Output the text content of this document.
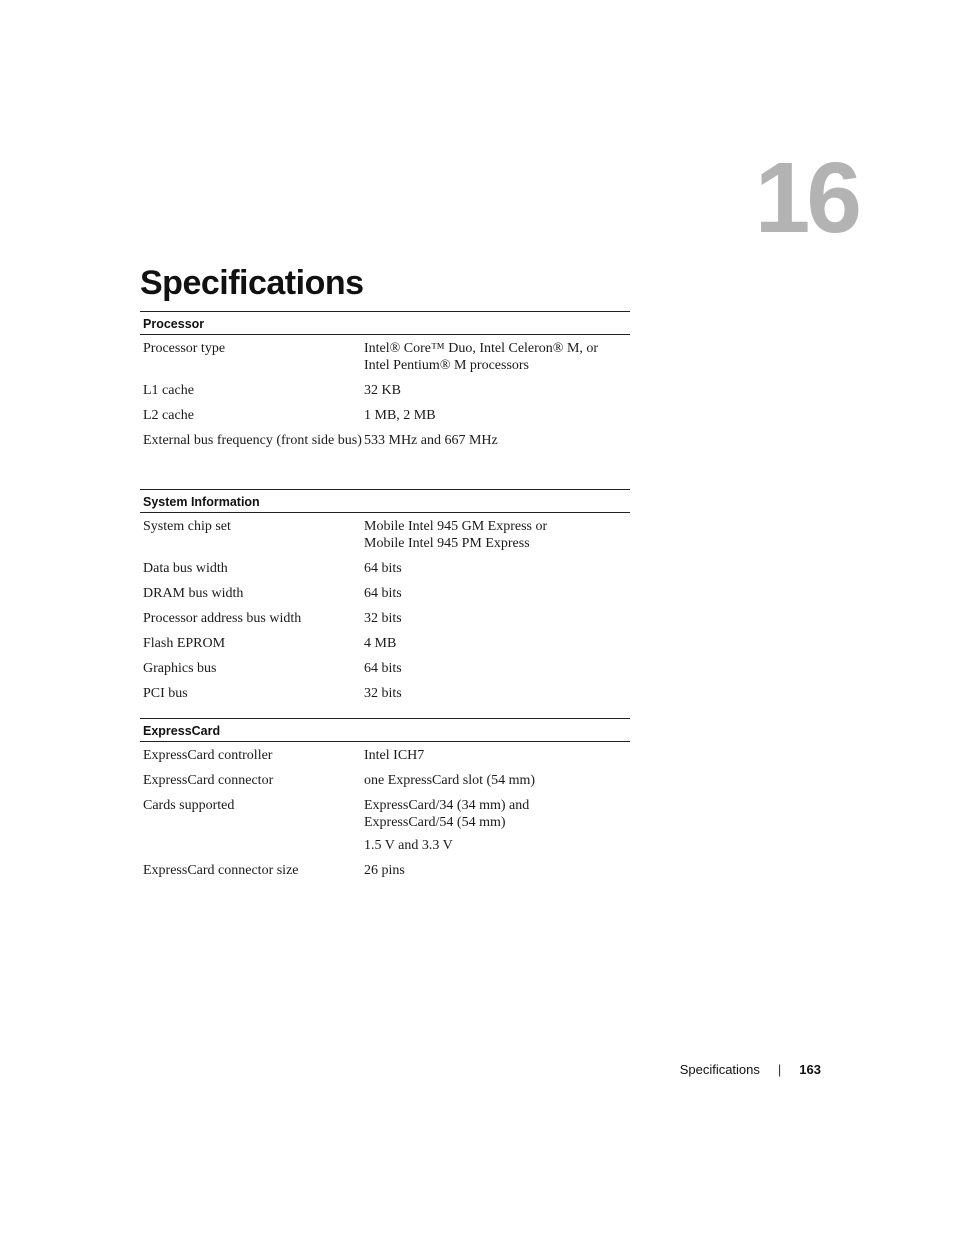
16
Specifications
Processor
Processor type	Intel® Core™ Duo, Intel Celeron® M, or
Intel Pentium® M processors
L1 cache	32 KB
L2 cache	1 MB, 2 MB
External bus frequency (front side bus) 533 MHz and 667 MHz
System Information
System chip set	Mobile Intel 945 GM Express or
Mobile Intel 945 PM Express
Data bus width	64 bits
DRAM bus width	64 bits
Processor address bus width	32 bits
Flash EPROM	4 MB
Graphics bus	64 bits
PCI bus	32 bits
ExpressCard
ExpressCard controller	Intel ICH7
ExpressCard connector	one ExpressCard slot (54 mm)
Cards supported	ExpressCard/34 (34 mm) and
ExpressCard/54 (54 mm)
1.5 V and 3.3 V
ExpressCard connector size	26 pins
Specifications | 163
